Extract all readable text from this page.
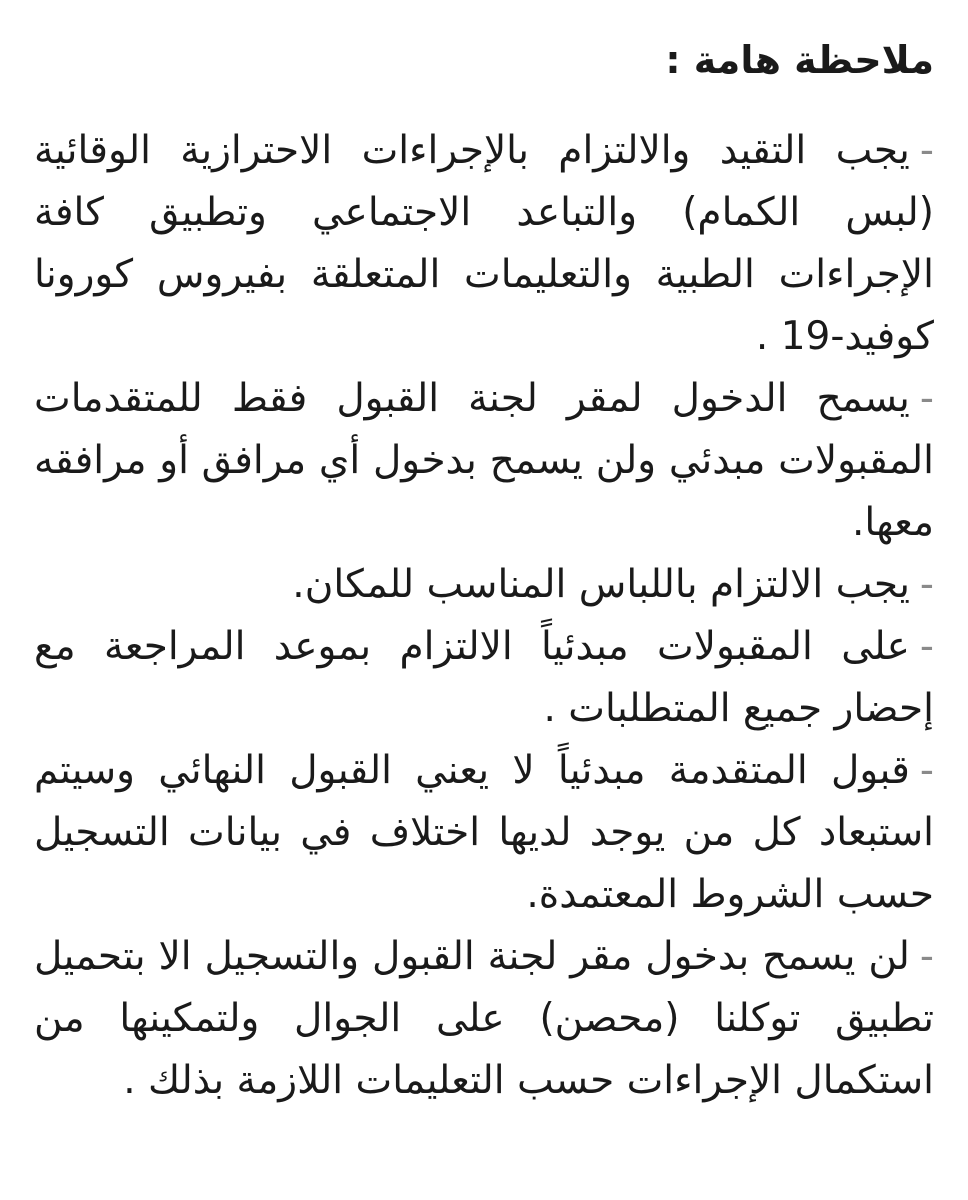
ملاحظة هامة :
-يجب التقيد والالتزام بالإجراءات الاحترازية الوقائية (لبس الكمام) والتباعد الاجتماعي وتطبيق كافة الإجراءات الطبية والتعليمات المتعلقة بفيروس كورونا كوفيد-19 .
-يسمح الدخول لمقر لجنة القبول فقط للمتقدمات المقبولات مبدئي ولن يسمح بدخول أي مرافق أو مرافقه معها.
-يجب الالتزام باللباس المناسب للمكان.
-على المقبولات مبدئياً الالتزام بموعد المراجعة مع إحضار جميع المتطلبات .
-قبول المتقدمة مبدئياً لا يعني القبول النهائي وسيتم استبعاد كل من يوجد لديها اختلاف في بيانات التسجيل حسب الشروط المعتمدة.
-لن يسمح بدخول مقر لجنة القبول والتسجيل الا بتحميل تطبيق توكلنا (محصن) على الجوال ولتمكينها من استكمال الإجراءات حسب التعليمات اللازمة بذلك .
